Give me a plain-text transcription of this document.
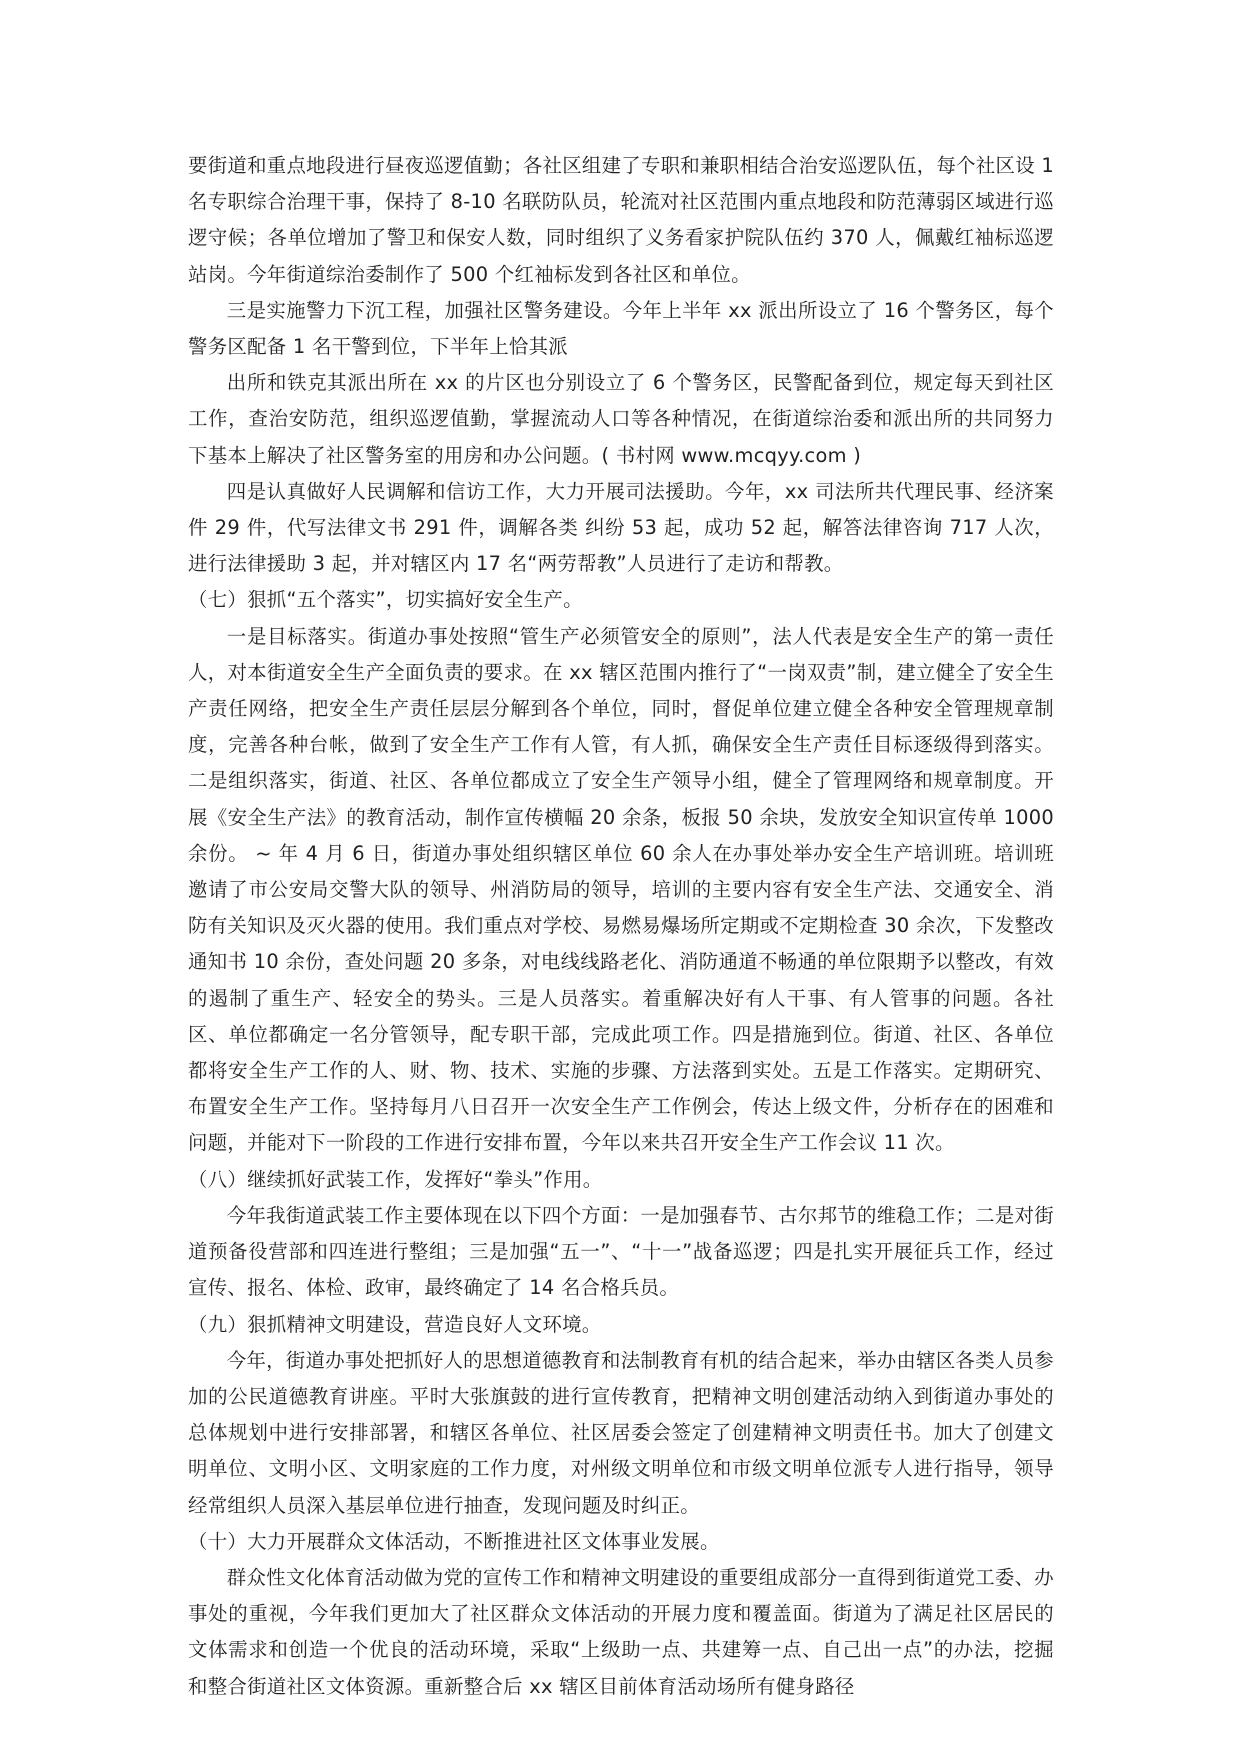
要街道和重点地段进行昼夜巡逻值勤；各社区组建了专职和兼职相结合治安巡逻队伍，每个社区设 1 名专职综合治理干事，保持了 8-10 名联防队员，轮流对社区范围内重点地段和防范薄弱区域进行巡逻守候；各单位增加了警卫和保安人数，同时组织了义务看家护院队伍约 370 人，佩戴红袖标巡逻站岗。今年街道综治委制作了 500 个红袖标发到各社区和单位。

三是实施警力下沉工程，加强社区警务建设。今年上半年 xx 派出所设立了 16 个警务区，每个警务区配备 1 名干警到位，下半年上恰其派

出所和铁克其派出所在 xx 的片区也分别设立了 6 个警务区，民警配备到位，规定每天到社区工作，查治安防范，组织巡逻值勤，掌握流动人口等各种情况，在街道综治委和派出所的共同努力下基本上解决了社区警务室的用房和办公问题。( 书村网 www.mcqyy.com )

四是认真做好人民调解和信访工作，大力开展司法援助。今年，xx 司法所共代理民事、经济案件 29 件，代写法律文书 291 件，调解各类 纠纷 53 起，成功 52 起，解答法律咨询 717 人次，进行法律援助 3 起，并对辖区内 17 名“两劳帮教”人员进行了走访和帮教。

（七）狠抓“五个落实”，切实搞好安全生产。

一是目标落实。街道办事处按照“管生产必须管安全的原则”，法人代表是安全生产的第一责任人，对本街道安全生产全面负责的要求。在 xx 辖区范围内推行了“一岗双责”制，建立健全了安全生产责任网络，把安全生产责任层层分解到各个单位，同时，督促单位建立健全各种安全管理规章制度，完善各种台帐，做到了安全生产工作有人管，有人抓，确保安全生产责任目标逐级得到落实。二是组织落实，街道、社区、各单位都成立了安全生产领导小组，健全了管理网络和规章制度。开展《安全生产法》的教育活动，制作宣传横幅 20 余条，板报 50 余块，发放安全知识宣传单 1000 余份。 ~ 年 4 月 6 日，街道办事处组织辖区单位 60 余人在办事处举办安全生产培训班。培训班邀请了市公安局交警大队的领导、州消防局的领导，培训的主要内容有安全生产法、交通安全、消防有关知识及灭火器的使用。我们重点对学校、易燃易爆场所定期或不定期检查 30 余次，下发整改通知书 10 余份，查处问题 20 多条，对电线线路老化、消防通道不畅通的单位限期予以整改，有效的遏制了重生产、轻安全的势头。三是人员落实。着重解决好有人干事、有人管事的问题。各社区、单位都确定一名分管领导，配专职干部，完成此项工作。四是措施到位。街道、社区、各单位都将安全生产工作的人、财、物、技术、实施的步骤、方法落到实处。五是工作落实。定期研究、布置安全生产工作。坚持每月八日召开一次安全生产工作例会，传达上级文件，分析存在的困难和问题，并能对下一阶段的工作进行安排布置，今年以来共召开安全生产工作会议 11 次。

（八）继续抓好武装工作，发挥好“拳头”作用。

今年我街道武装工作主要体现在以下四个方面：一是加强春节、古尔邦节的维稳工作；二是对街道预备役营部和四连进行整组；三是加强“五一”、“十一”战备巡逻；四是扎实开展征兵工作，经过宣传、报名、体检、政审，最终确定了 14 名合格兵员。

（九）狠抓精神文明建设，营造良好人文环境。

今年，街道办事处把抓好人的思想道德教育和法制教育有机的结合起来，举办由辖区各类人员参加的公民道德教育讲座。平时大张旗鼓的进行宣传教育，把精神文明创建活动纳入到街道办事处的总体规划中进行安排部署，和辖区各单位、社区居委会签定了创建精神文明责任书。加大了创建文明单位、文明小区、文明家庭的工作力度，对州级文明单位和市级文明单位派专人进行指导，领导经常组织人员深入基层单位进行抽查，发现问题及时纠正。

（十）大力开展群众文体活动，不断推进社区文体事业发展。

群众性文化体育活动做为党的宣传工作和精神文明建设的重要组成部分一直得到街道党工委、办事处的重视，今年我们更加大了社区群众文体活动的开展力度和覆盖面。街道为了满足社区居民的文体需求和创造一个优良的活动环境，采取“上级助一点、共建筹一点、自己出一点”的办法，挖掘和整合街道社区文体资源。重新整合后 xx 辖区目前体育活动场所有健身路径
